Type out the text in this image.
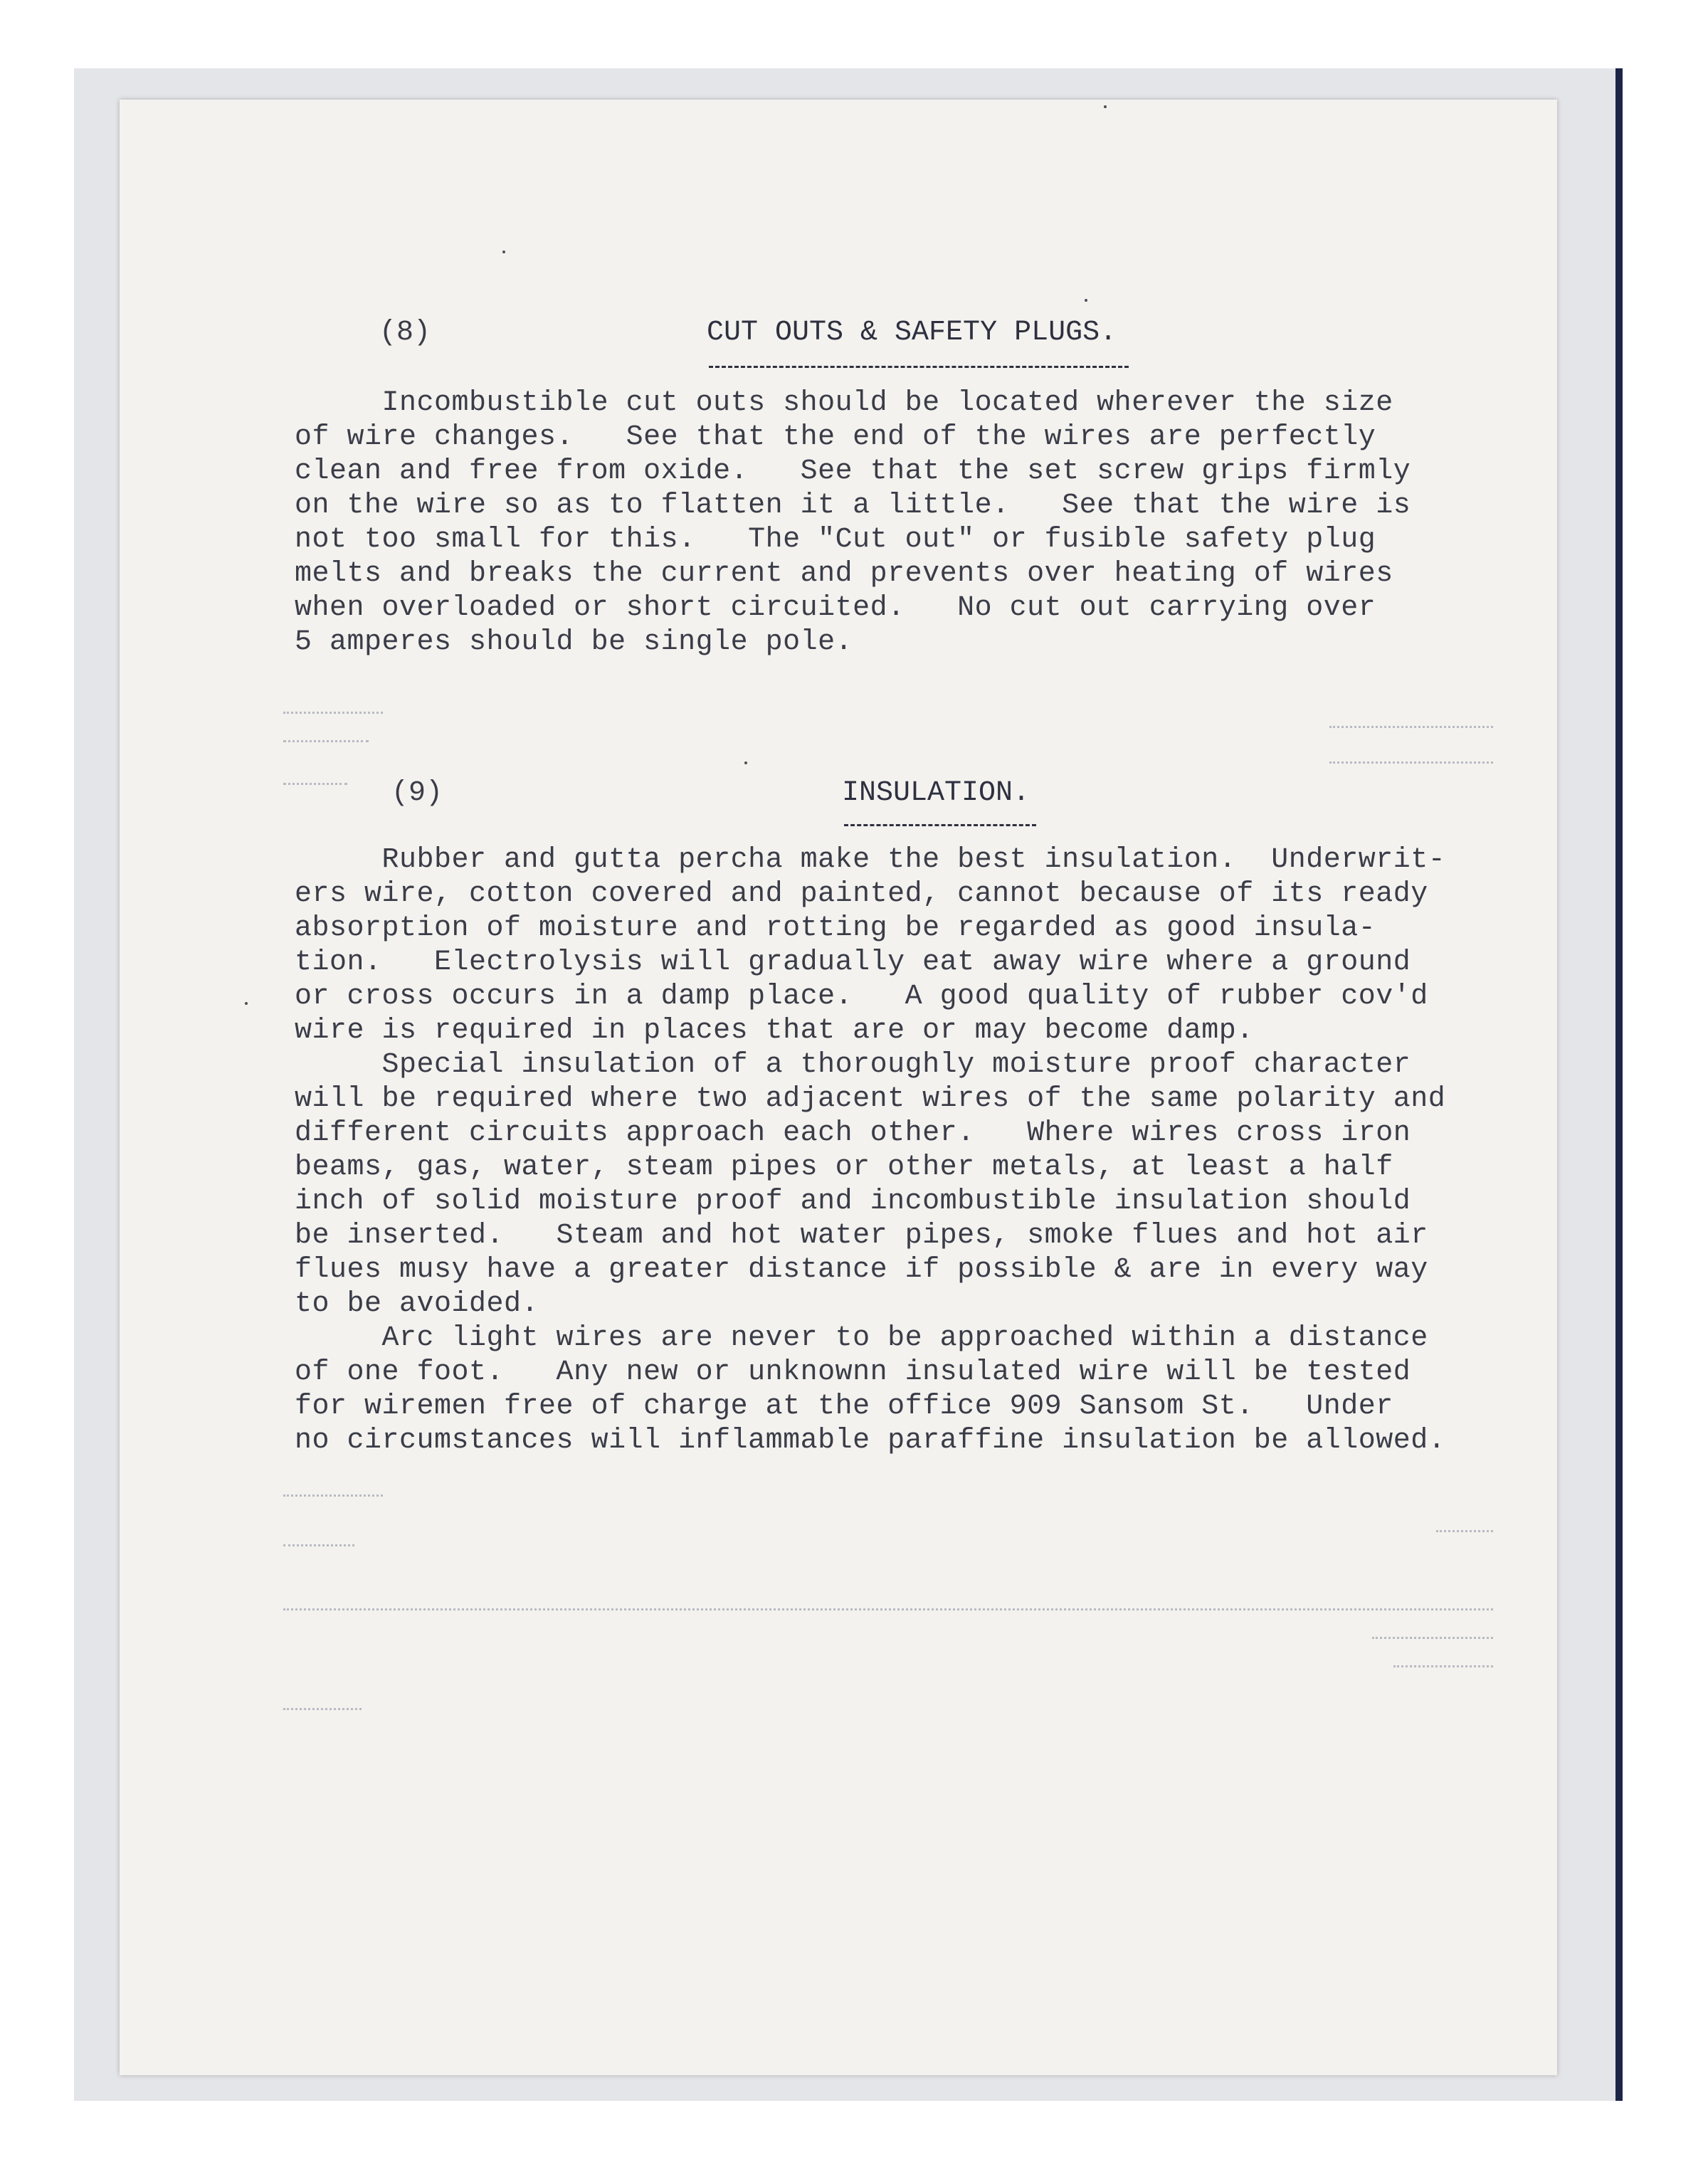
(8)	CUT OUTS & SAFETY PLUGS.
Incombustible cut outs should be located wherever the size
of wire changes.   See that the end of the wires are perfectly
clean and free from oxide.   See that the set screw grips firmly
on the wire so as to flatten it a little.   See that the wire is
not too small for this.   The "Cut out" or fusible safety plug
melts and breaks the current and prevents over heating of wires
when overloaded or short circuited.   No cut out carrying over
5 amperes should be single pole.
(9)	INSULATION.
Rubber and gutta percha make the best insulation.  Underwrit-
ers wire, cotton covered and painted, cannot because of its ready
absorption of moisture and rotting be regarded as good insula-
tion.   Electrolysis will gradually eat away wire where a ground
or cross occurs in a damp place.   A good quality of rubber cov'd
wire is required in places that are or may become damp.
Special insulation of a thoroughly moisture proof character
will be required where two adjacent wires of the same polarity and
different circuits approach each other.   Where wires cross iron
beams, gas, water, steam pipes or other metals, at least a half
inch of solid moisture proof and incombustible insulation should
be inserted.   Steam and hot water pipes, smoke flues and hot air
flues musy have a greater distance if possible & are in every way
to be avoided.
Arc light wires are never to be approached within a distance
of one foot.   Any new or unknownn insulated wire will be tested
for wiremen free of charge at the office 909 Sansom St.   Under
no circumstances will inflammable paraffine insulation be allowed.
